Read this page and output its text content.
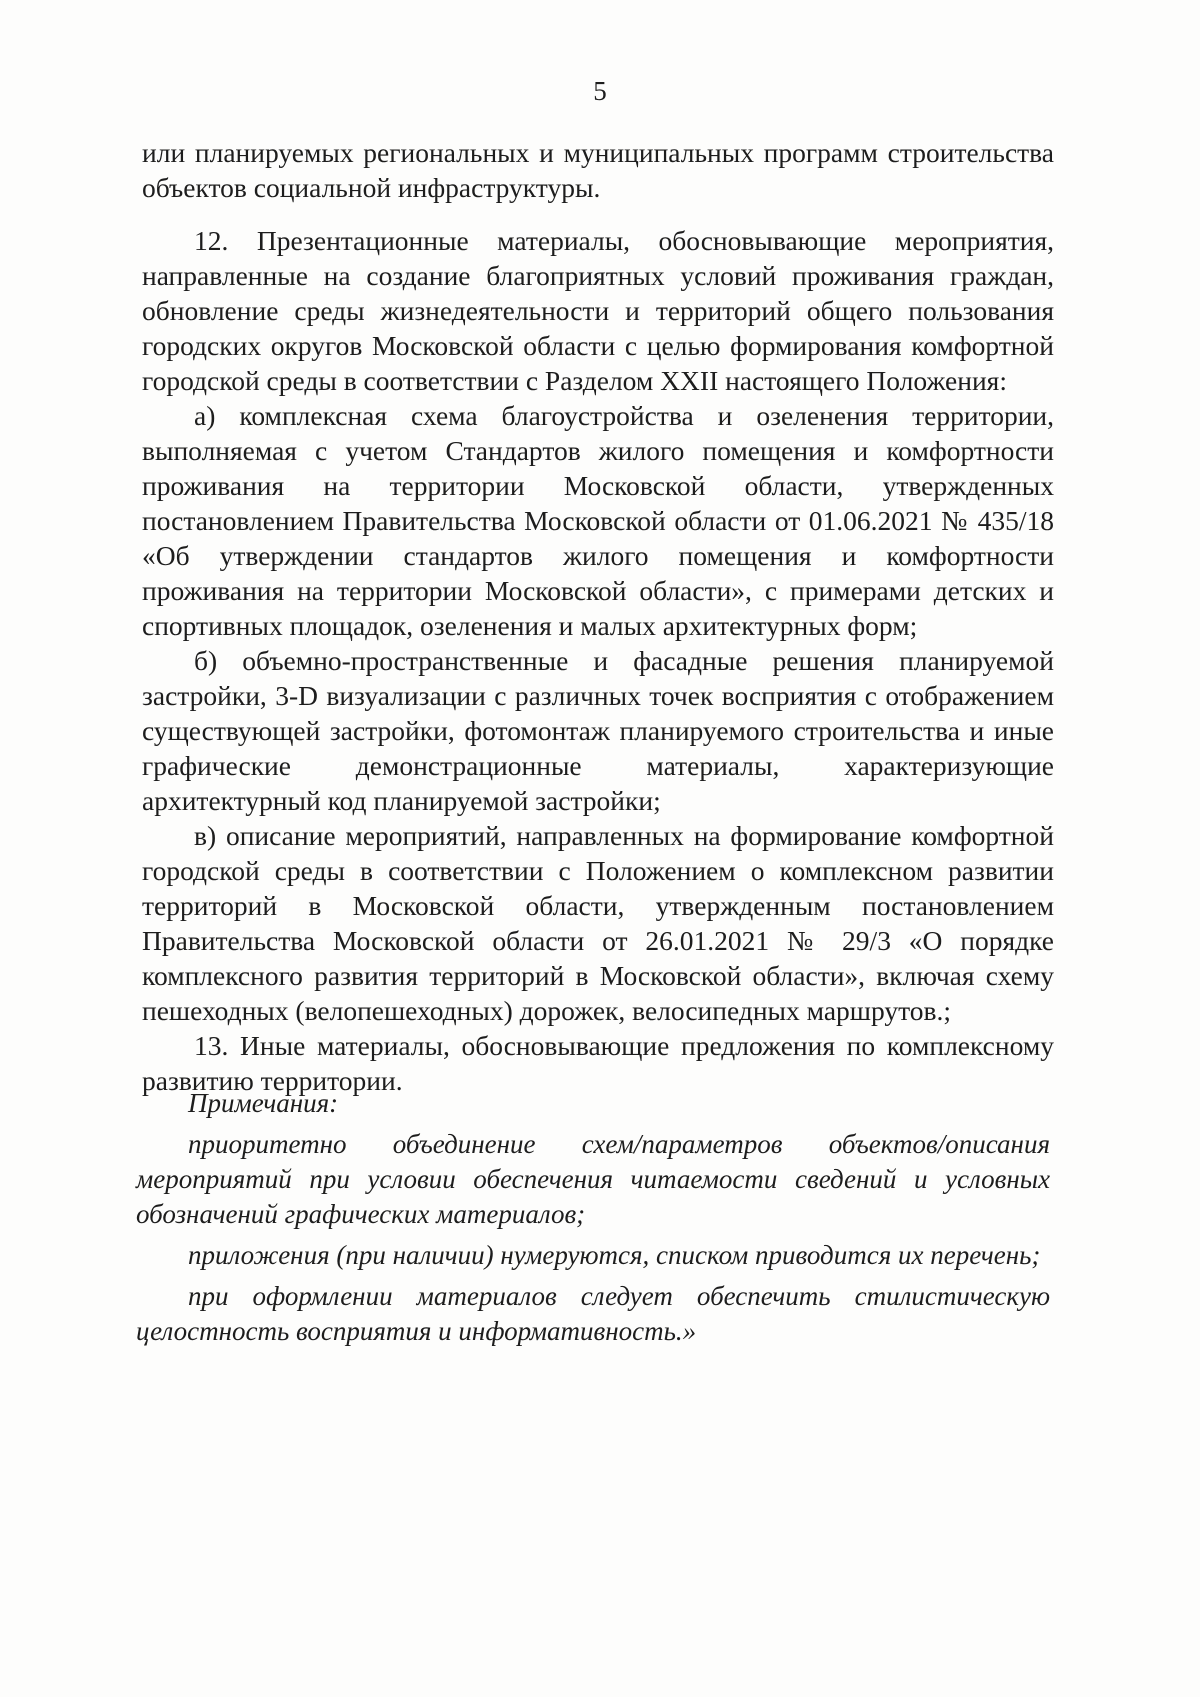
5

или планируемых региональных и муниципальных программ строительства объектов социальной инфраструктуры.

12. Презентационные материалы, обосновывающие мероприятия, направленные на создание благоприятных условий проживания граждан, обновление среды жизнедеятельности и территорий общего пользования городских округов Московской области с целью формирования комфортной городской среды в соответствии с Разделом XXII настоящего Положения:

а) комплексная схема благоустройства и озеленения территории, выполняемая с учетом Стандартов жилого помещения и комфортности проживания на территории Московской области, утвержденных постановлением Правительства Московской области от 01.06.2021 № 435/18 «Об утверждении стандартов жилого помещения и комфортности проживания на территории Московской области», с примерами детских и спортивных площадок, озеленения и малых архитектурных форм;

б) объемно-пространственные и фасадные решения планируемой застройки, 3-D визуализации с различных точек восприятия с отображением существующей застройки, фотомонтаж планируемого строительства и иные графические демонстрационные материалы, характеризующие архитектурный код планируемой застройки;

в) описание мероприятий, направленных на формирование комфортной городской среды в соответствии с Положением о комплексном развитии территорий в Московской области, утвержденным постановлением Правительства Московской области от 26.01.2021 № 29/3 «О порядке комплексного развития территорий в Московской области», включая схему пешеходных (велопешеходных) дорожек, велосипедных маршрутов.;

13. Иные материалы, обосновывающие предложения по комплексному развитию территории.

Примечания:

приоритетно объединение схем/параметров объектов/описания мероприятий при условии обеспечения читаемости сведений и условных обозначений графических материалов;

приложения (при наличии) нумеруются, списком приводится их перечень;

при оформлении материалов следует обеспечить стилистическую целостность восприятия и информативность.»
